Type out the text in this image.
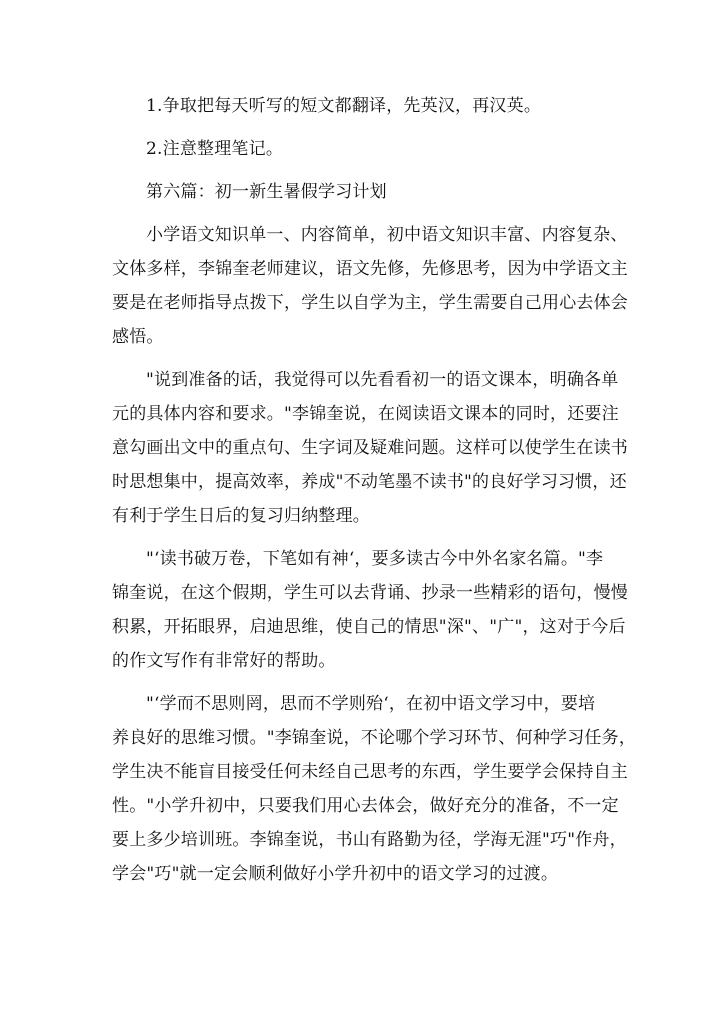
1.争取把每天听写的短文都翻译，先英汉，再汉英。
2.注意整理笔记。
第六篇：初一新生暑假学习计划
小学语文知识单一、内容简单，初中语文知识丰富、内容复杂、
文体多样，李锦奎老师建议，语文先修，先修思考，因为中学语文主
要是在老师指导点拨下，学生以自学为主，学生需要自己用心去体会
感悟。
"说到准备的话，我觉得可以先看看初一的语文课本，明确各单
元的具体内容和要求。"李锦奎说，在阅读语文课本的同时，还要注
意勾画出文中的重点句、生字词及疑难问题。这样可以使学生在读书
时思想集中，提高效率，养成"不动笔墨不读书"的良好学习习惯，还
有利于学生日后的复习归纳整理。
"‘读书破万卷，下笔如有神‘，要多读古今中外名家名篇。"李
锦奎说，在这个假期，学生可以去背诵、抄录一些精彩的语句，慢慢
积累，开拓眼界，启迪思维，使自己的情思"深"、"广"，这对于今后
的作文写作有非常好的帮助。
"‘学而不思则罔，思而不学则殆‘，在初中语文学习中，要培
养良好的思维习惯。"李锦奎说，不论哪个学习环节、何种学习任务，
学生决不能盲目接受任何未经自己思考的东西，学生要学会保持自主
性。"小学升初中，只要我们用心去体会，做好充分的准备，不一定
要上多少培训班。李锦奎说，书山有路勤为径，学海无涯"巧"作舟，
学会"巧"就一定会顺利做好小学升初中的语文学习的过渡。
